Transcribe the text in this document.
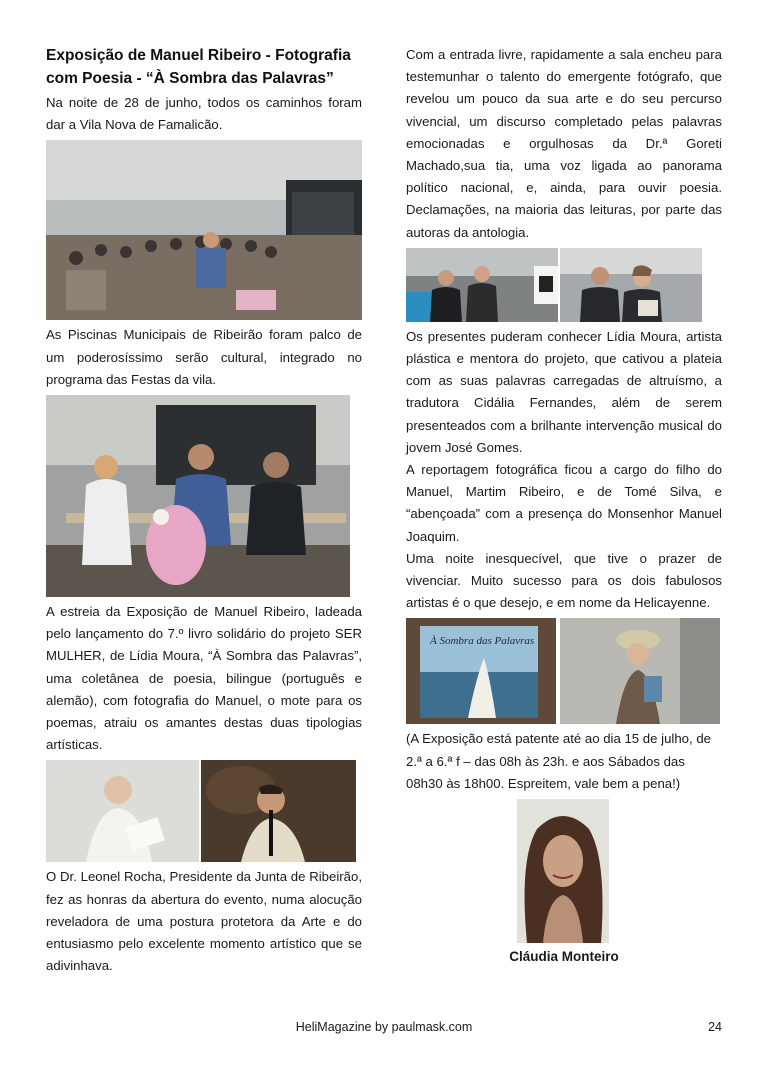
Exposição de Manuel Ribeiro - Fotografia com Poesia - “À Sombra das Palavras”

Na noite de 28 de junho, todos os caminhos foram dar a Vila Nova de Famalicão.

As Piscinas Municipais de Ribeirão foram palco de um poderosíssimo serão cultural, integrado no programa das Festas da vila.

A estreia da Exposição de Manuel Ribeiro, ladeada pelo lançamento do 7.º livro solidário do projeto SER MULHER, de Lídia Moura, “À Sombra das Palavras”, uma coletânea de poesia, bilingue (português e alemão), com fotografia do Manuel, o mote para os poemas, atraiu os amantes destas duas tipologias artísticas.

O Dr. Leonel Rocha, Presidente da Junta de Ribeirão, fez as honras da abertura do evento, numa alocução reveladora de uma postura protetora da Arte e do entusiasmo pelo excelente momento artístico que se adivinhava.

Com a entrada livre, rapidamente a sala encheu para testemunhar o talento do emergente fotógrafo, que revelou um pouco da sua arte e do seu percurso vivencial, um discurso completado pelas palavras emocionadas e orgulhosas da Dr.ª Goreti Machado,sua tia, uma voz ligada ao panorama político nacional, e, ainda, para ouvir poesia. Declamações, na maioria das leituras, por parte das autoras da antologia.

Os presentes puderam conhecer Lídia Moura, artista plástica e mentora do projeto, que cativou a plateia com as suas palavras carregadas de altruísmo, a tradutora Cidália Fernandes, além de serem presenteados com a brilhante intervenção musical do jovem José Gomes.

A reportagem fotográfica ficou a cargo do filho do Manuel, Martim Ribeiro, e de Tomé Silva, e “abençoada” com a presença do Monsenhor Manuel Joaquim.

Uma noite inesquecível, que tive o prazer de vivenciar. Muito sucesso para os dois fabulosos artistas é o que desejo, e em nome da Helicayenne.

À Sombra das Palavras

(A Exposição está patente até ao dia 15 de julho, de 2.ª a 6.ª f – das 08h às 23h. e aos Sábados das 08h30 às 18h00. Espreitem, vale bem a pena!)

Cláudia Monteiro
HeliMagazine by paulmask.com	24
